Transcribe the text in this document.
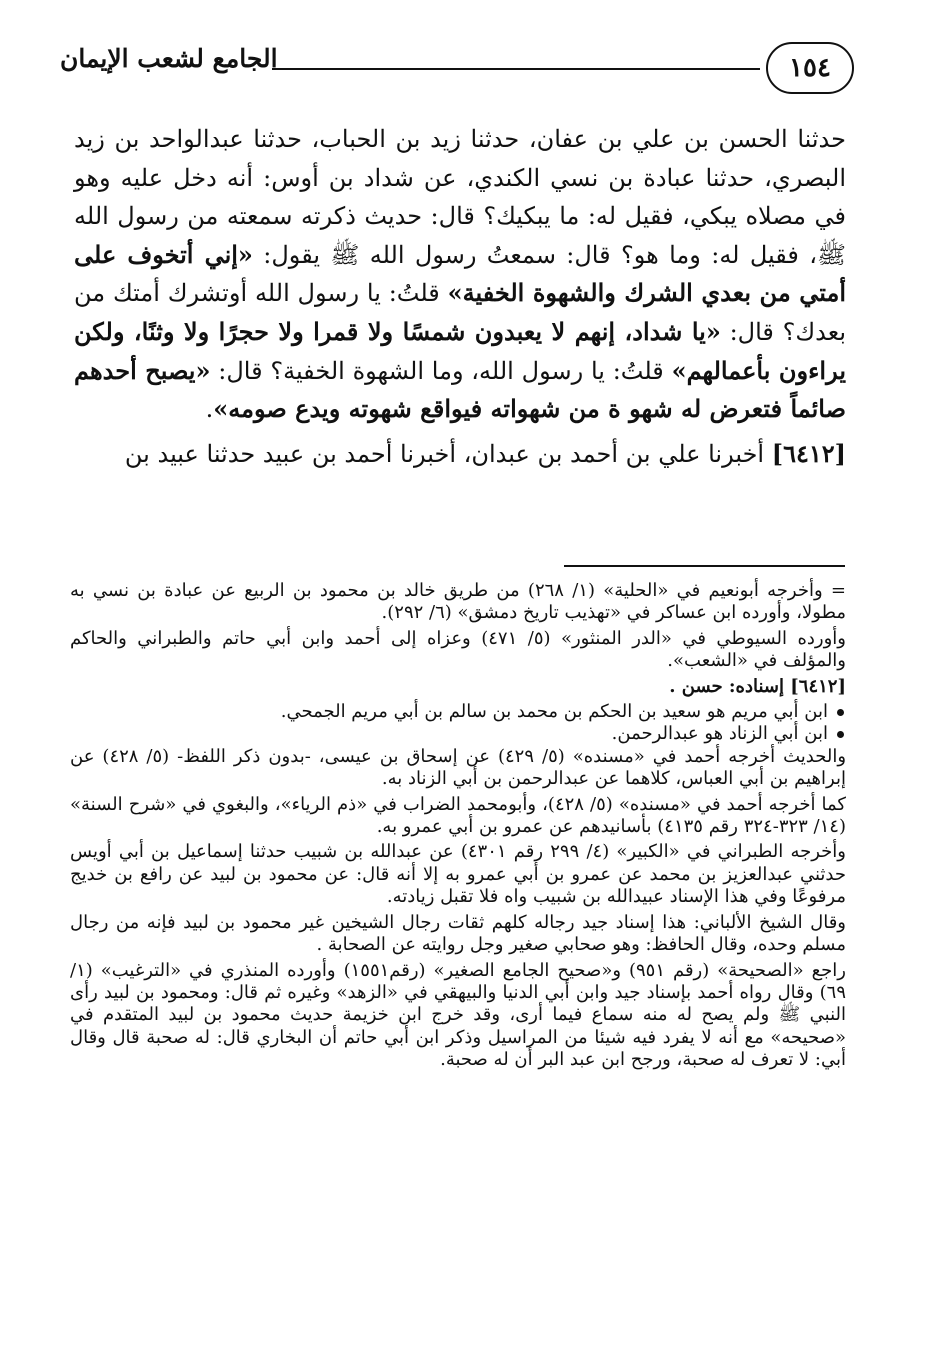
الجامع لشعب الإيمان	١٥٤

حدثنا الحسن بن علي بن عفان، حدثنا زيد بن الحباب، حدثنا عبدالواحد بن زيد البصري، حدثنا عبادة بن نسي الكندي، عن شداد بن أوس: أنه دخل عليه وهو في مصلاه يبكي، فقيل له: ما يبكيك؟ قال: حديث ذكرته سمعته من رسول الله ﷺ، فقيل له: وما هو؟ قال: سمعتُ رسول الله ﷺ يقول: «إني أتخوف على أمتي من بعدي الشرك والشهوة الخفية» قلتُ: يا رسول الله أوتشرك أمتك من بعدك؟ قال: «يا شداد، إنهم لا يعبدون شمسًا ولا قمرا ولا حجرًا ولا وثنًا، ولكن يراءون بأعمالهم» قلتُ: يا رسول الله، وما الشهوة الخفية؟ قال: «يصبح أحدهم صائماً فتعرض له شهو ة من شهواته فيواقع شهوته ويدع صومه».

[٦٤١٢] أخبرنا علي بن أحمد بن عبدان، أخبرنا أحمد بن عبيد حدثنا عبيد بن

= وأخرجه أبونعيم في «الحلية» (١/ ٢٦٨) من طريق خالد بن محمود بن الربيع عن عبادة بن نسي به مطولا، وأورده ابن عساكر في «تهذيب تاريخ دمشق» (٦/ ٢٩٢).

وأورده السيوطي في «الدر المنثور» (٥/ ٤٧١) وعزاه إلى أحمد وابن أبي حاتم والطبراني والحاكم والمؤلف في «الشعب».

[٦٤١٢] إسناده: حسن .

ابن أبي مريم هو سعيد بن الحكم بن محمد بن سالم بن أبي مريم الجمحي.

ابن أبي الزناد هو عبدالرحمن.

والحديث أخرجه أحمد في «مسنده» (٥/ ٤٢٩) عن إسحاق بن عيسى، -بدون ذكر اللفظ- (٥/ ٤٢٨) عن إبراهيم بن أبي العباس، كلاهما عن عبدالرحمن بن أبي الزناد به.

كما أخرجه أحمد في «مسنده» (٥/ ٤٢٨)، وأبومحمد الضراب في «ذم الرياء»، والبغوي في «شرح السنة» (١٤/ ٣٢٣-٣٢٤ رقم ٤١٣٥) بأسانيدهم عن عمرو بن أبي عمرو به.

وأخرجه الطبراني في «الكبير» (٤/ ٢٩٩ رقم ٤٣٠١) عن عبدالله بن شبيب حدثنا إسماعيل بن أبي أويس حدثني عبدالعزيز بن محمد عن عمرو بن أبي عمرو به إلا أنه قال: عن محمود بن لبيد عن رافع بن خديج مرفوعًا وفي هذا الإسناد عبيدالله بن شبيب واه فلا تقبل زيادته.

وقال الشيخ الألباني: هذا إسناد جيد رجاله كلهم ثقات رجال الشيخين غير محمود بن لبيد فإنه من رجال مسلم وحده، وقال الحافظ: وهو صحابي صغير وجل روايته عن الصحابة .

راجع «الصحيحة» (رقم ٩٥١) و«صحيح الجامع الصغير» (رقم١٥٥١) وأورده المنذري في «الترغيب» (١/ ٦٩) وقال رواه أحمد بإسناد جيد وابن أبي الدنيا والبيهقي في «الزهد» وغيره ثم قال: ومحمود بن لبيد رأى النبي ﷺ ولم يصح له منه سماع فيما أرى، وقد خرج ابن خزيمة حديث محمود بن لبيد المتقدم في «صحيحه» مع أنه لا يفرد فيه شيئا من المراسيل وذكر ابن أبي حاتم أن البخاري قال: له صحبة قال وقال أبي: لا تعرف له صحبة، ورجح ابن عبد البر أن له صحبة.
